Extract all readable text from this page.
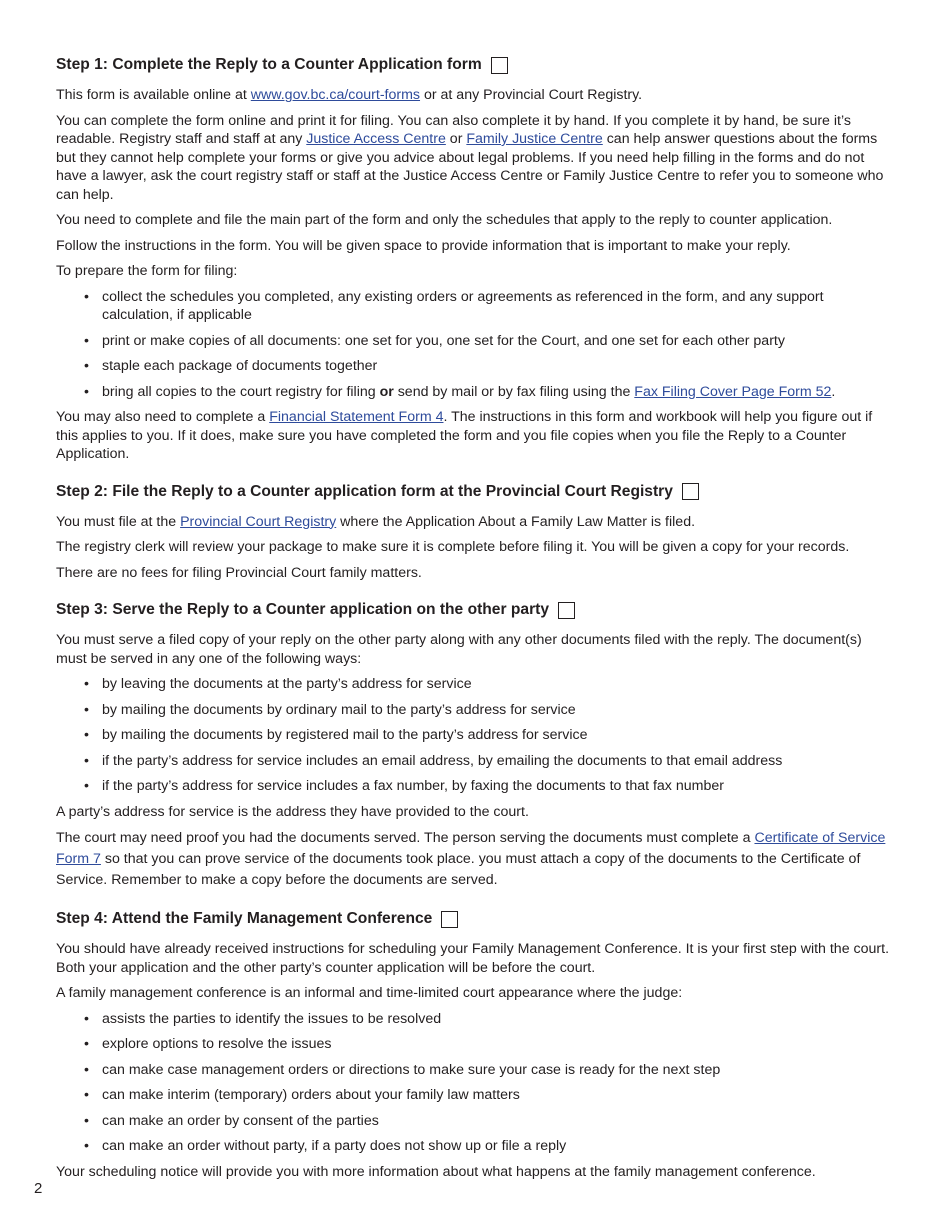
Step 1: Complete the Reply to a Counter Application form

This form is available online at www.gov.bc.ca/court-forms or at any Provincial Court Registry.

You can complete the form online and print it for filing. You can also complete it by hand. If you complete it by hand, be sure it’s readable. Registry staff and staff at any Justice Access Centre or Family Justice Centre can help answer questions about the forms but they cannot help complete your forms or give you advice about legal problems. If you need help filling in the forms and do not have a lawyer, ask the court registry staff or staff at the Justice Access Centre or Family Justice Centre to refer you to someone who can help.

You need to complete and file the main part of the form and only the schedules that apply to the reply to counter application.

Follow the instructions in the form. You will be given space to provide information that is important to make your reply.

To prepare the form for filing:

• collect the schedules you completed, any existing orders or agreements as referenced in the form, and any support calculation, if applicable
• print or make copies of all documents: one set for you, one set for the Court, and one set for each other party
• staple each package of documents together
• bring all copies to the court registry for filing or send by mail or by fax filing using the Fax Filing Cover Page Form 52.

You may also need to complete a Financial Statement Form 4. The instructions in this form and workbook will help you figure out if this applies to you. If it does, make sure you have completed the form and you file copies when you file the Reply to a Counter Application.

Step 2: File the Reply to a Counter application form at the Provincial Court Registry

You must file at the Provincial Court Registry where the Application About a Family Law Matter is filed.

The registry clerk will review your package to make sure it is complete before filing it. You will be given a copy for your records.

There are no fees for filing Provincial Court family matters.

Step 3: Serve the Reply to a Counter application on the other party

You must serve a filed copy of your reply on the other party along with any other documents filed with the reply. The document(s) must be served in any one of the following ways:

• by leaving the documents at the party’s address for service
• by mailing the documents by ordinary mail to the party’s address for service
• by mailing the documents by registered mail to the party’s address for service
• if the party’s address for service includes an email address, by emailing the documents to that email address
• if the party’s address for service includes a fax number, by faxing the documents to that fax number

A party’s address for service is the address they have provided to the court.

The court may need proof you had the documents served. The person serving the documents must complete a Certificate of Service Form 7 so that you can prove service of the documents took place. you must attach a copy of the documents to the Certificate of Service. Remember to make a copy before the documents are served.

Step 4: Attend the Family Management Conference

You should have already received instructions for scheduling your Family Management Conference. It is your first step with the court. Both your application and the other party’s counter application will be before the court.

A family management conference is an informal and time-limited court appearance where the judge:

• assists the parties to identify the issues to be resolved
• explore options to resolve the issues
• can make case management orders or directions to make sure your case is ready for the next step
• can make interim (temporary) orders about your family law matters
• can make an order by consent of the parties
• can make an order without party, if a party does not show up or file a reply

Your scheduling notice will provide you with more information about what happens at the family management conference.

2
